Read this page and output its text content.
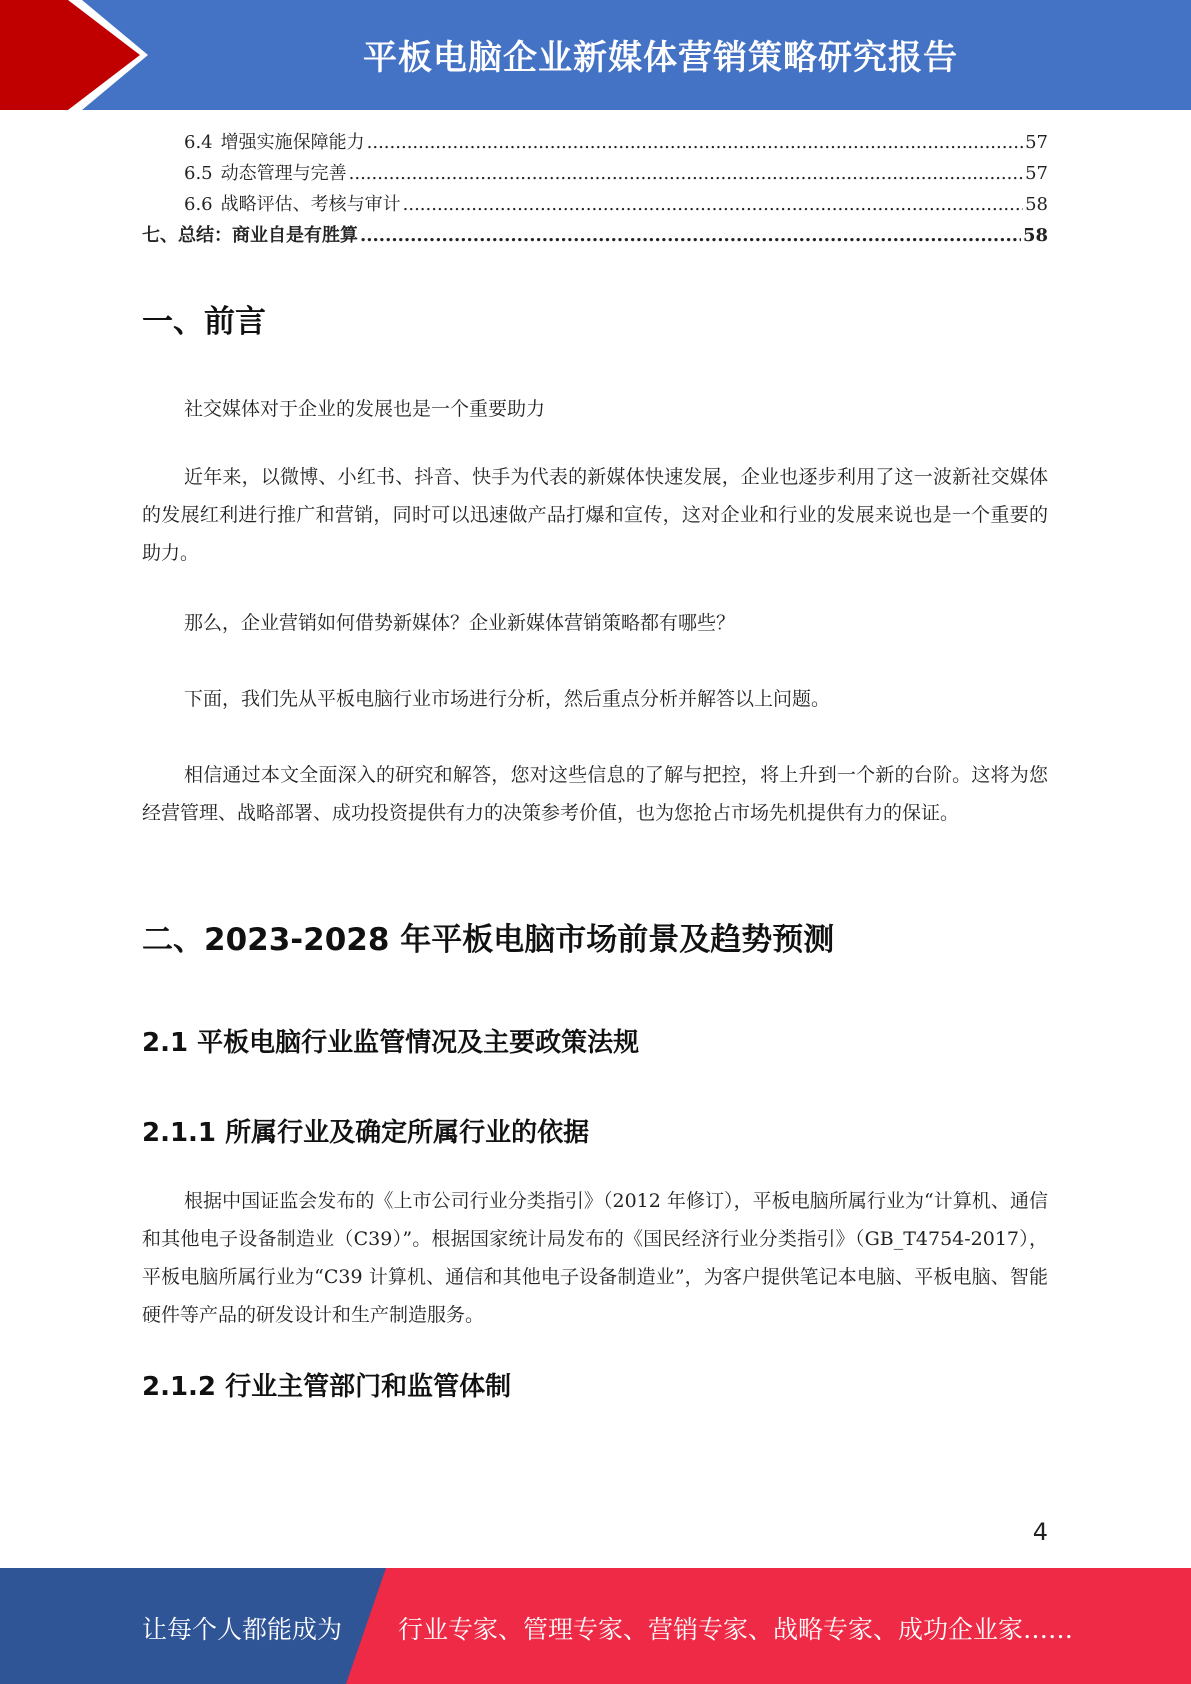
平板电脑企业新媒体营销策略研究报告
6.4 增强实施保障能力 .....	57
6.5 动态管理与完善 .....	57
6.6 战略评估、考核与审计 .....	58
七、总结：商业自是有胜算 .....	58
一、前言
社交媒体对于企业的发展也是一个重要助力
近年来，以微博、小红书、抖音、快手为代表的新媒体快速发展，企业也逐步利用了这一波新社交媒体的发展红利进行推广和营销，同时可以迅速做产品打爆和宣传，这对企业和行业的发展来说也是一个重要的助力。
那么，企业营销如何借势新媒体？企业新媒体营销策略都有哪些？
下面，我们先从平板电脑行业市场进行分析，然后重点分析并解答以上问题。
相信通过本文全面深入的研究和解答，您对这些信息的了解与把控，将上升到一个新的台阶。这将为您经营管理、战略部署、成功投资提供有力的决策参考价值，也为您抢占市场先机提供有力的保证。
二、2023-2028 年平板电脑市场前景及趋势预测
2.1 平板电脑行业监管情况及主要政策法规
2.1.1 所属行业及确定所属行业的依据
根据中国证监会发布的《上市公司行业分类指引》（2012 年修订），平板电脑所属行业为“计算机、通信和其他电子设备制造业（C39）”。根据国家统计局发布的《国民经济行业分类指引》（GB_T4754-2017），平板电脑所属行业为“C39 计算机、通信和其他电子设备制造业”，为客户提供笔记本电脑、平板电脑、智能硬件等产品的研发设计和生产制造服务。
2.1.2 行业主管部门和监管体制
4
让每个人都能成为 行业专家、管理专家、营销专家、战略专家、成功企业家……
